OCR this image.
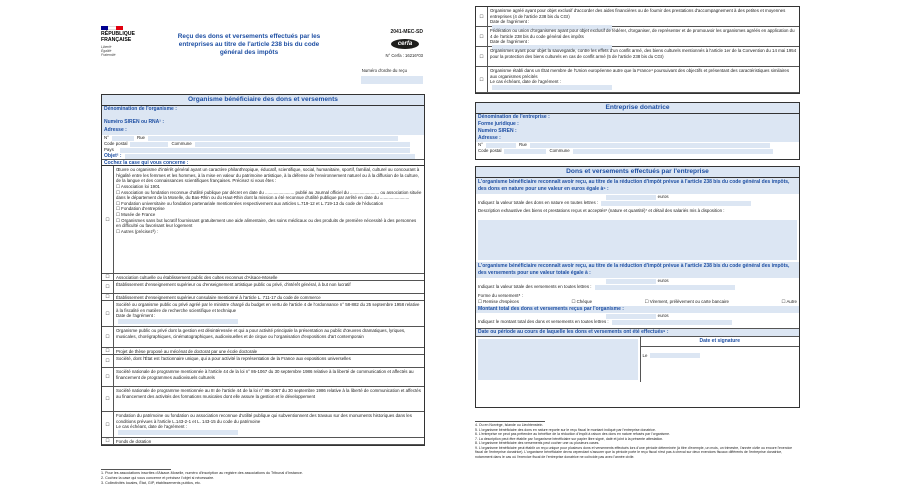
RÉPUBLIQUE
FRANÇAISE
Liberté
Égalité
Fraternité
Reçu des dons et versements effectués par les entreprises au titre de l'article 238 bis du code général des impôts
2041-MEC-SD
cerfa
N° Cerfa : 16216*03
Numéro d'ordre du reçu
Organisme bénéficiaire des dons et versements
Dénomination de l'organisme :
Numéro SIREN ou RNA¹ :
Adresse :
N°	Rue
Code postal	Commune
Pays
Objet² :
Cochez la case qui vous concerne :
☐
Œuvre ou organisme d'intérêt général ayant un caractère philanthropique, éducatif, scientifique, social, humanitaire, sportif, familial, culturel ou concourant à l'égalité entre les femmes et les hommes, à la mise en valeur du patrimoine artistique, à la défense de l'environnement naturel ou à la diffusion de la culture, de la langue et des connaissances scientifiques françaises. Précisez si vous êtes :
☐ Association loi 1901
☐ Association ou fondation reconnue d'utilité publique par décret en date du ........................ publié au Journal officiel du ........................ ou association située dans le département de la Moselle, du Bas-Rhin ou du Haut-Rhin dont la mission a été reconnue d'utilité publique par arrêté en date du ........................
☐ Fondation universitaire ou fondation partenariale mentionnées respectivement aux articles L.719-12 et L.719-13 du code de l'éducation
☐ Fondation d'entreprise
☐ Musée de France
☐ Organismes sans but lucratif fournissant gratuitement une aide alimentaire, des soins médicaux ou des produits de première nécessité à des personnes en difficulté ou favorisant leur logement
☐ Autres (précisez³) :
☐	Association cultuelle ou établissement public des cultes reconnus d'Alsace-Moselle
☐	Établissement d'enseignement supérieur ou d'enseignement artistique public ou privé, d'intérêt général, à but non lucratif
☐	Établissement d'enseignement supérieur consulaire mentionné à l'article L. 711-17 du code de commerce
☐
Société ou organisme public ou privé agréé par le ministre chargé du budget en vertu de l'article 4 de l'ordonnance n° 58-882 du 25 septembre 1958 relative à la fiscalité en matière de recherche scientifique et technique
Date de l'agrément :
☐
Organisme public ou privé dont la gestion est désintéressée et qui a pour activité principale la présentation au public d'œuvres dramatiques, lyriques, musicales, chorégraphiques, cinématographiques, audiovisuelles et de cirque ou l'organisation d'expositions d'art contemporain
☐	Projet de thèse proposé au mécénat de doctorat par une école doctorale
☐	Société, dont l'État est l'actionnaire unique, qui a pour activité la représentation de la France aux expositions universelles
☐
Société nationale de programme mentionnée à l'article 44 de la loi n° 86-1067 du 30 septembre 1986 relative à la liberté de communication et affectés au financement de programmes audiovisuels culturels
☐
Société nationale de programme mentionnée au III de l'article 44 de la loi n° 86-1067 du 30 septembre 1986 relative à la liberté de communication et affectés au financement des activités des formations musicales dont elle assure la gestion et le développement
☐
Fondation du patrimoine ou fondation ou association reconnue d'utilité publique qui subventionnent des travaux sur des monuments historiques dans les conditions prévues à l'article L.143-2-1 et L. 143-15 du code du patrimoine
Le cas échéant, date de l'agrément :
☐	Fonds de dotation
1. Pour les associations inscrites d'Alsace-Moselle, numéro d'inscription au registre des associations du Tribunal d'Instance.
2. Cochez la case qui vous concerne et précisez l'objet si nécessaire.
3. Collectivités locales, État, GIP, établissements publics, etc.
☐
Organisme agréé ayant pour objet exclusif d'accorder des aides financières ou de fournir des prestations d'accompagnement à des petites et moyennes entreprises (4 de l'article 238 bis du CGI)
Date de l'agrément :
☐
Fédération ou union d'organismes ayant pour objet exclusif de fédérer, d'organiser, de représenter et de promouvoir les organismes agréés en application du 4 de l'article 238 bis du code général des impôts
Date de l'agrément :
☐
Organismes ayant pour objet la sauvegarde, contre les effets d'un conflit armé, des biens culturels mentionnés à l'article 1er de la Convention du 14 mai 1954 pour la protection des biens culturels en cas de conflit armé (5 de l'article 238 bis du CGI)
☐
Organisme établi dans un État membre de l'Union européenne autre que la France⁴ poursuivant des objectifs et présentant des caractéristiques similaires aux organismes précités
Le cas échéant, date de l'agrément :
Entreprise donatrice
Dénomination de l'entreprise :
Forme juridique :
Numéro SIREN :
Adresse :
N°	Rue
Code postal	Commune
Dons et versements effectués par l'entreprise
L'organisme bénéficiaire reconnaît avoir reçu, au titre de la réduction d'impôt prévue à l'article 238 bis du code général des impôts, des dons en nature pour une valeur en euros égale à⁵ :
euros
Indiquez la valeur totale des dons en nature en toutes lettres :
Description exhaustive des biens et prestations reçus et acceptés⁶ (nature et quantité)⁷ et détail des salariés mis à disposition :
L'organisme bénéficiaire reconnaît avoir reçu, au titre de la réduction d'impôt prévue à l'article 238 bis du code général des impôts, des versements pour une valeur totale égale à :
euros
Indiquez la valeur totale des versements en toutes lettres :
Forme du versement⁸ :
☐ Remise d'espèces	☐ Chèque	☐ Virement, prélèvement ou carte bancaire	☐ Autre
Montant total des dons et versements reçus par l'organisme :
euros
Indiquez le montant total des dons et versements en toutes lettres :
Date ou période au cours de laquelle les dons et versements ont été effectués⁹ :
Date et signature
Le
4. Ou en Norvège, Islande ou Liechtenstein.
5. L'organisme bénéficiaire des dons en nature reporte sur le reçu fiscal le montant indiqué par l'entreprise donatrice.
6. L'entreprise ne peut pas prétendre au bénéfice de la réduction d'impôt à raison des dons en nature refusés par l'organisme.
7. La description peut être établie par l'organisme bénéficiaire sur papier libre signé, daté et joint à la présente attestation.
8. L'organisme bénéficiaire des versements peut cocher une ou plusieurs cases.
9. L'organisme bénéficiaire peut établir un reçu unique pour plusieurs dons et versements effectués lors d'une période déterminée (à titre d'exemple, un mois, un trimestre, l'année civile ou encore l'exercice fiscal de l'entreprise donatrice). L'organisme bénéficiaire devra cependant s'assurer que la période porte le reçu fiscal n'est pas à cheval sur deux exercices fiscaux différents de l'entreprise donatrice, notamment dans le cas où l'exercice fiscal de l'entreprise donatrice ne coïncide pas avec l'année civile.
